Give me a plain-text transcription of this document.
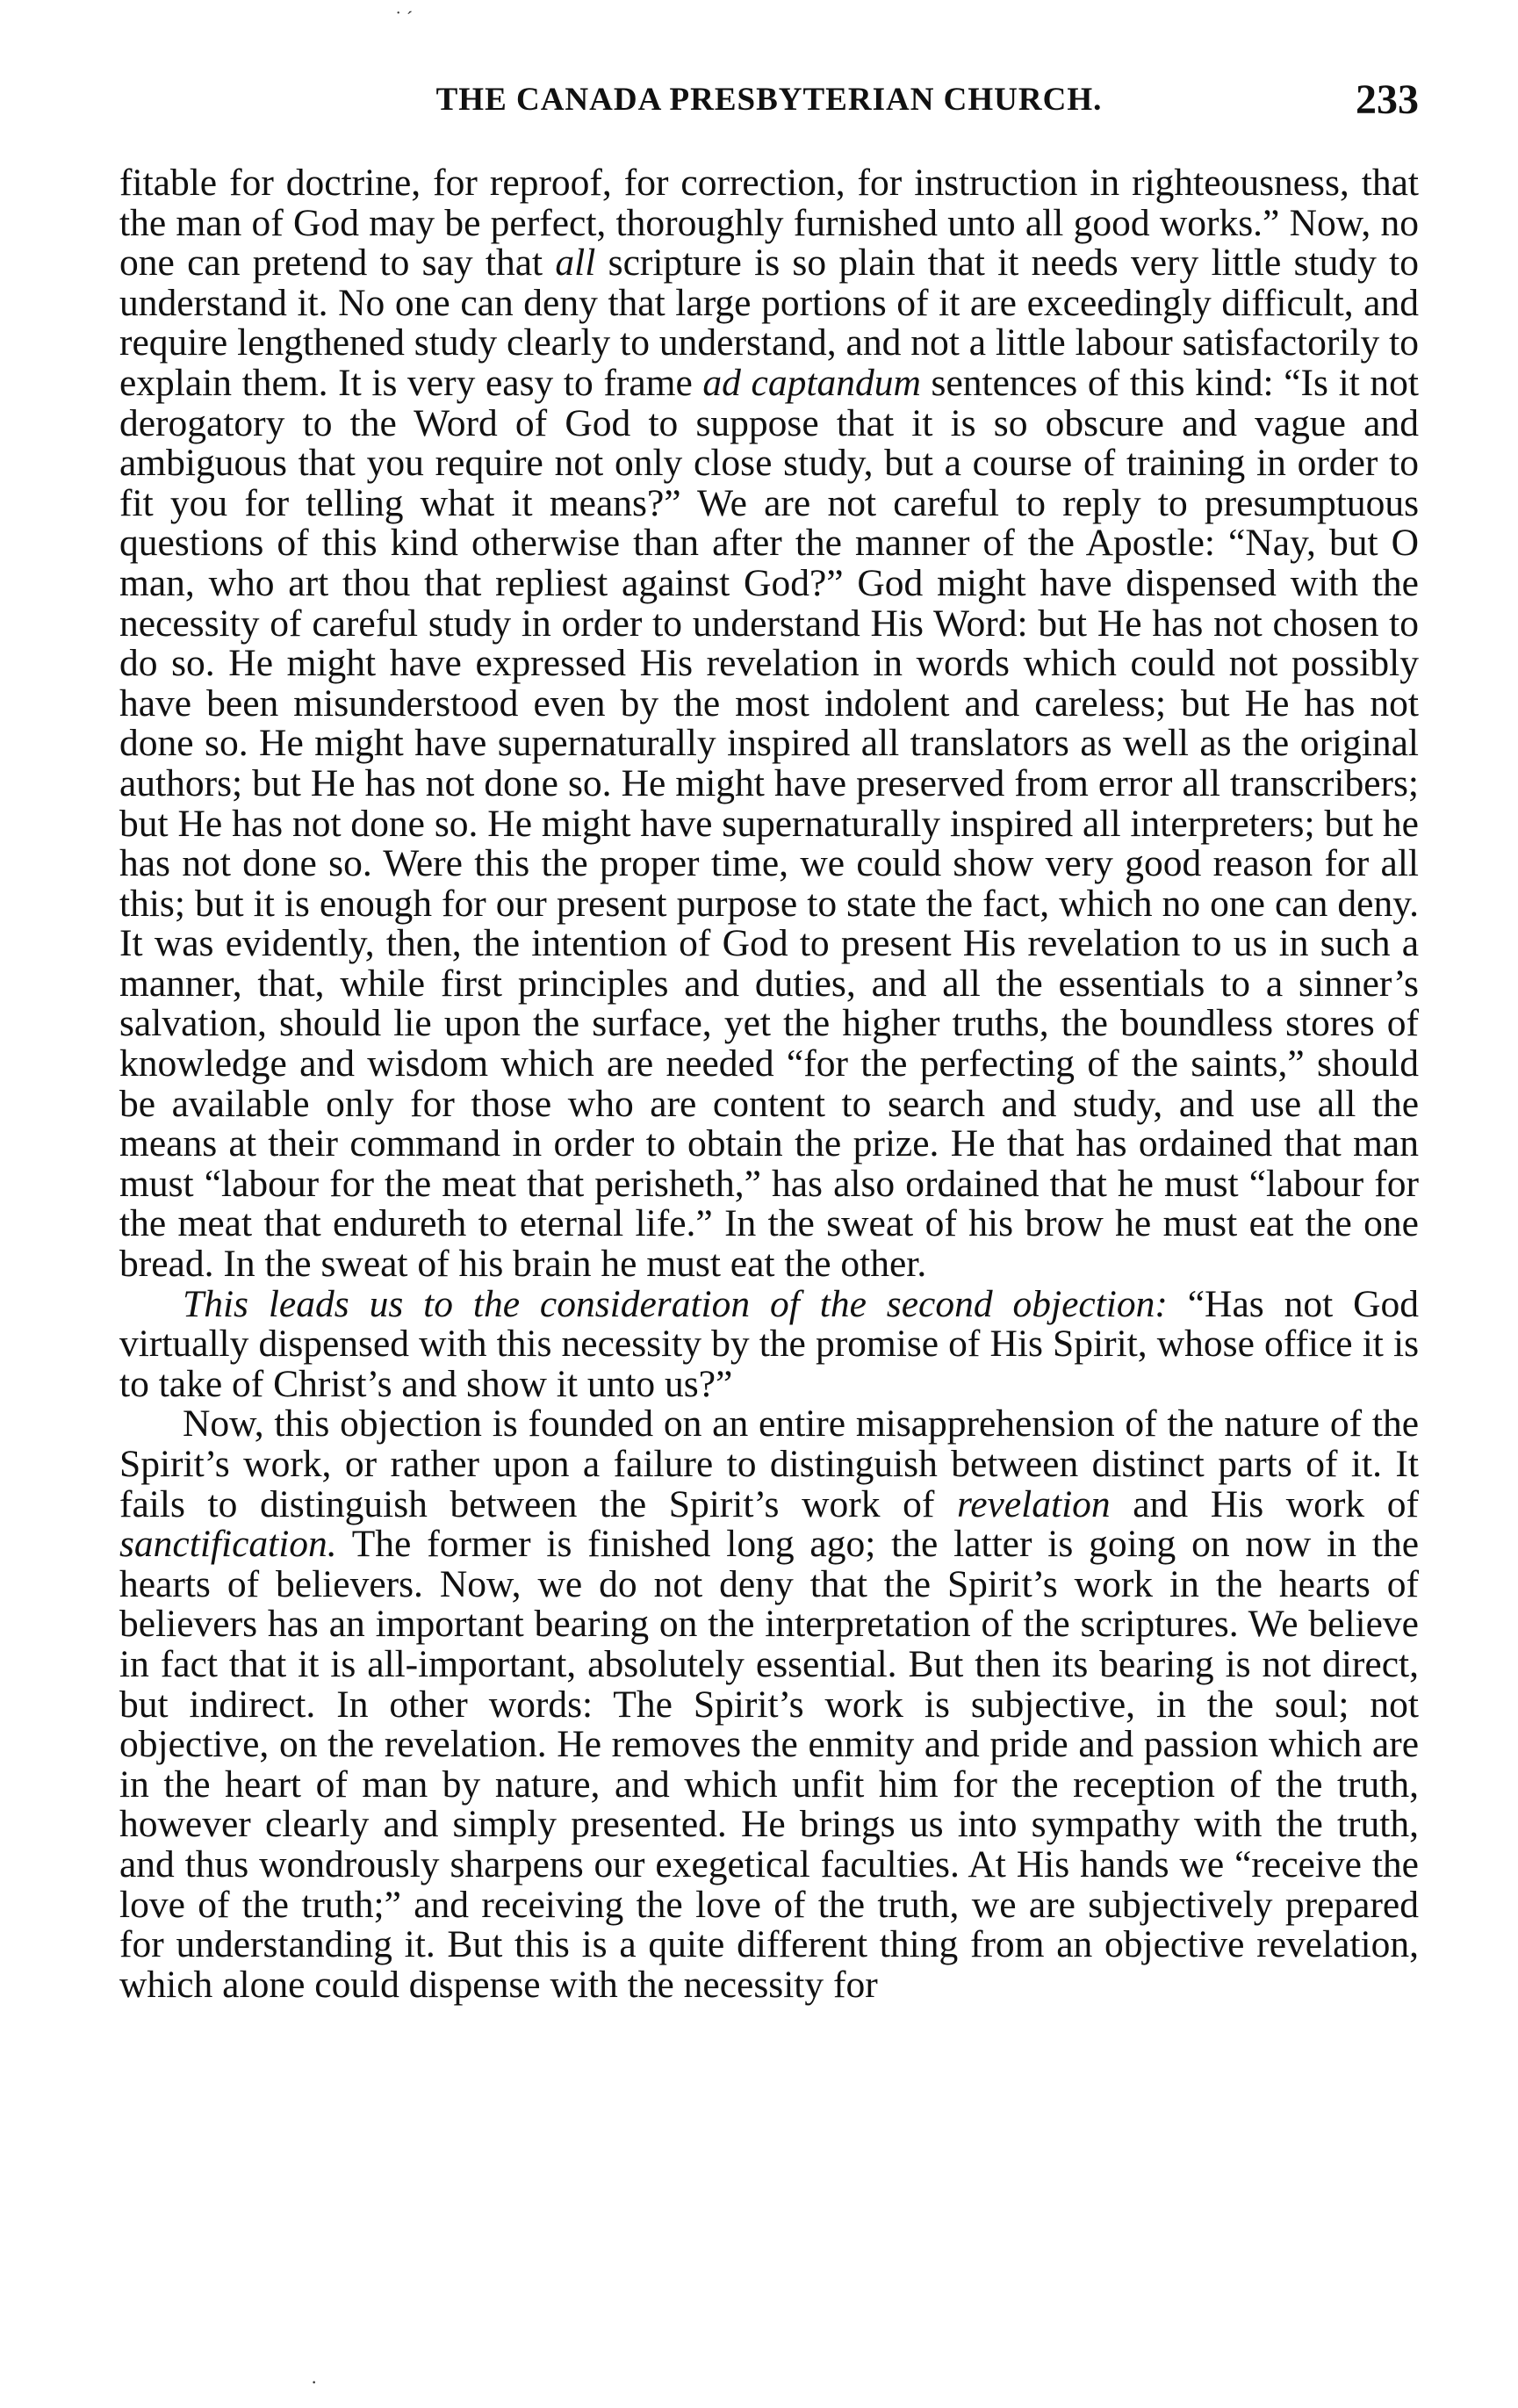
˙ ˊ
THE CANADA PRESBYTERIAN CHURCH.	233

fitable for doctrine, for reproof, for correction, for instruction in righteousness, that the man of God may be perfect, thoroughly furnished unto all good works.” Now, no one can pretend to say that all scripture is so plain that it needs very little study to understand it. No one can deny that large portions of it are exceedingly difficult, and require lengthened study clearly to understand, and not a little labour satisfactorily to explain them. It is very easy to frame ad captandum sentences of this kind: “Is it not derogatory to the Word of God to suppose that it is so obscure and vague and ambiguous that you require not only close study, but a course of training in order to fit you for telling what it means?” We are not careful to reply to presumptuous questions of this kind otherwise than after the manner of the Apostle: “Nay, but O man, who art thou that repliest against God?” God might have dispensed with the necessity of careful study in order to understand His Word: but He has not chosen to do so. He might have expressed His revelation in words which could not possibly have been misunderstood even by the most indolent and careless; but He has not done so. He might have supernaturally inspired all translators as well as the original authors; but He has not done so. He might have preserved from error all transcribers; but He has not done so. He might have supernaturally inspired all interpreters; but he has not done so. Were this the proper time, we could show very good reason for all this; but it is enough for our present purpose to state the fact, which no one can deny. It was evidently, then, the intention of God to present His revelation to us in such a manner, that, while first principles and duties, and all the essentials to a sinner’s salvation, should lie upon the surface, yet the higher truths, the boundless stores of knowledge and wisdom which are needed “for the perfecting of the saints,” should be available only for those who are content to search and study, and use all the means at their command in order to obtain the prize. He that has ordained that man must “labour for the meat that perisheth,” has also ordained that he must “labour for the meat that endureth to eternal life.” In the sweat of his brow he must eat the one bread. In the sweat of his brain he must eat the other.

This leads us to the consideration of the second objection: “Has not God virtually dispensed with this necessity by the promise of His Spirit, whose office it is to take of Christ’s and show it unto us?”

Now, this objection is founded on an entire misapprehension of the nature of the Spirit’s work, or rather upon a failure to distinguish between distinct parts of it. It fails to distinguish between the Spirit’s work of revelation and His work of sanctification. The former is finished long ago; the latter is going on now in the hearts of believers. Now, we do not deny that the Spirit’s work in the hearts of believers has an important bearing on the interpretation of the scriptures. We believe in fact that it is all-important, absolutely essential. But then its bearing is not direct, but indirect. In other words: The Spirit’s work is subjective, in the soul; not objective, on the revelation. He removes the enmity and pride and passion which are in the heart of man by nature, and which unfit him for the reception of the truth, however clearly and simply presented. He brings us into sympathy with the truth, and thus wondrously sharpens our exegetical faculties. At His hands we “receive the love of the truth;” and receiving the love of the truth, we are subjectively prepared for understanding it. But this is a quite different thing from an objective revelation, which alone could dispense with the necessity for

·
